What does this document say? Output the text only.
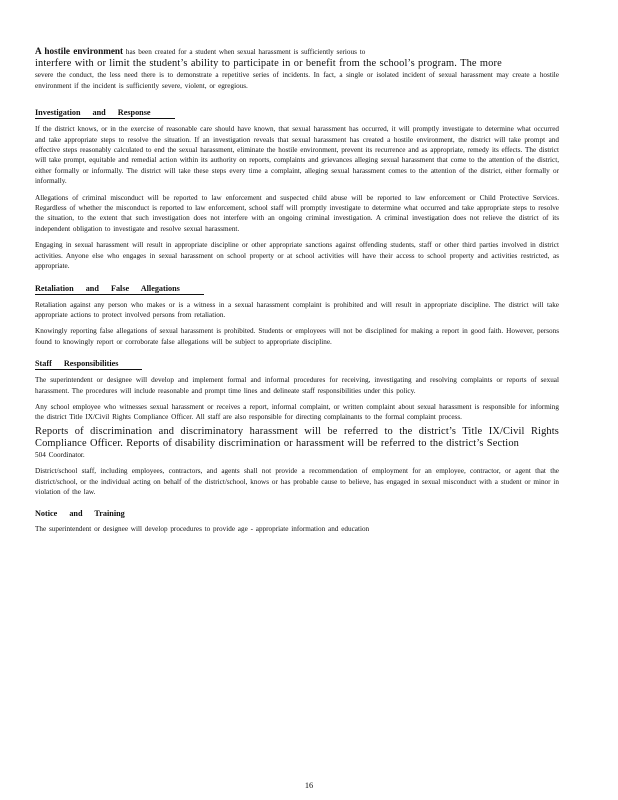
A hostile environment has been created for a student when sexual harassment is sufficiently serious to

interfere with or limit the student’s ability to participate in or benefit from the school’s program. The more

severe the conduct, the less need there is to demonstrate a repetitive series of incidents. In fact, a single or isolated incident of sexual harassment may create a hostile environment if the incident is sufficiently severe, violent, or egregious.

Investigation and Response

If the district knows, or in the exercise of reasonable care should have known, that sexual harassment has occurred, it will promptly investigate to determine what occurred and take appropriate steps to resolve the situation. If an investigation reveals that sexual harassment has created a hostile environment, the district will take prompt and effective steps reasonably calculated to end the sexual harassment, eliminate the hostile environment, prevent its recurrence and as appropriate, remedy its effects. The district will take prompt, equitable and remedial action within its authority on reports, complaints and grievances alleging sexual harassment that come to the attention of the district, either formally or informally. The district will take these steps every time a complaint, alleging sexual harassment comes to the attention of the district, either formally or informally.

Allegations of criminal misconduct will be reported to law enforcement and suspected child abuse will be reported to law enforcement or Child Protective Services. Regardless of whether the misconduct is reported to law enforcement, school staff will promptly investigate to determine what occurred and take appropriate steps to resolve the situation, to the extent that such investigation does not interfere with an ongoing criminal investigation. A criminal investigation does not relieve the district of its independent obligation to investigate and resolve sexual harassment.

Engaging in sexual harassment will result in appropriate discipline or other appropriate sanctions against offending students, staff or other third parties involved in district activities. Anyone else who engages in sexual harassment on school property or at school activities will have their access to school property and activities restricted, as appropriate.

Retaliation and False Allegations

Retaliation against any person who makes or is a witness in a sexual harassment complaint is prohibited and will result in appropriate discipline. The district will take appropriate actions to protect involved persons from retaliation.

Knowingly reporting false allegations of sexual harassment is prohibited. Students or employees will not be disciplined for making a report in good faith. However, persons found to knowingly report or corroborate false allegations will be subject to appropriate discipline.

Staff Responsibilities

The superintendent or designee will develop and implement formal and informal procedures for receiving, investigating and resolving complaints or reports of sexual harassment. The procedures will include reasonable and prompt time lines and delineate staff responsibilities under this policy.

Any school employee who witnesses sexual harassment or receives a report, informal complaint, or written complaint about sexual harassment is responsible for informing the district Title IX/Civil Rights Compliance Officer. All staff are also responsible for directing complainants to the formal complaint process.

Reports of discrimination and discriminatory harassment will be referred to the district’s Title IX/Civil Rights Compliance Officer. Reports of disability discrimination or harassment will be referred to the district’s Section

504 Coordinator.

District/school staff, including employees, contractors, and agents shall not provide a recommendation of employment for an employee, contractor, or agent that the district/school, or the individual acting on behalf of the district/school, knows or has probable cause to believe, has engaged in sexual misconduct with a student or minor in violation of the law.

Notice and Training

The superintendent or designee will develop procedures to provide age - appropriate information and education

16
